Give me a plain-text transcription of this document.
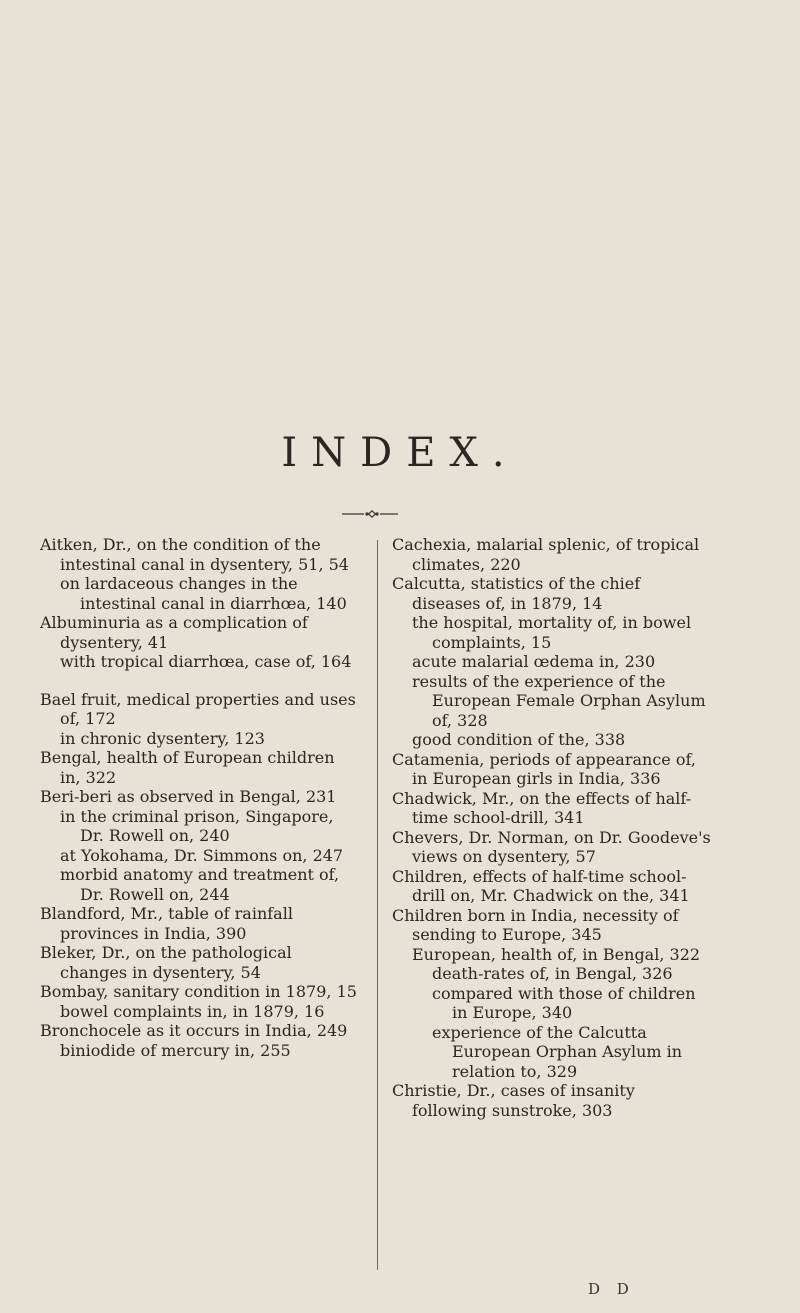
INDEX.

Aitken, Dr., on the condition of the intestinal canal in dysentery, 51, 54

on lardaceous changes in the intestinal canal in diarrhœa, 140

Albuminuria as a complication of dysentery, 41

with tropical diarrhœa, case of, 164

Bael fruit, medical properties and uses of, 172

in chronic dysentery, 123

Bengal, health of European children in, 322

Beri-beri as observed in Bengal, 231

in the criminal prison, Singapore, Dr. Rowell on, 240

at Yokohama, Dr. Simmons on, 247

morbid anatomy and treatment of, Dr. Rowell on, 244

Blandford, Mr., table of rainfall provinces in India, 390

Bleker, Dr., on the pathological changes in dysentery, 54

Bombay, sanitary condition in 1879, 15

bowel complaints in, in 1879, 16

Bronchocele as it occurs in India, 249

biniodide of mercury in, 255

Cachexia, malarial splenic, of tropical climates, 220

Calcutta, statistics of the chief diseases of, in 1879, 14

the hospital, mortality of, in bowel complaints, 15

acute malarial œdema in, 230

results of the experience of the European Female Orphan Asylum of, 328

good condition of the, 338

Catamenia, periods of appearance of, in European girls in India, 336

Chadwick, Mr., on the effects of half-time school-drill, 341

Chevers, Dr. Norman, on Dr. Goodeve's views on dysentery, 57

Children, effects of half-time school-drill on, Mr. Chadwick on the, 341

Children born in India, necessity of sending to Europe, 345

European, health of, in Bengal, 322

death-rates of, in Bengal, 326

compared with those of children in Europe, 340

experience of the Calcutta European Orphan Asylum in relation to, 329

Christie, Dr., cases of insanity following sunstroke, 303

D D
